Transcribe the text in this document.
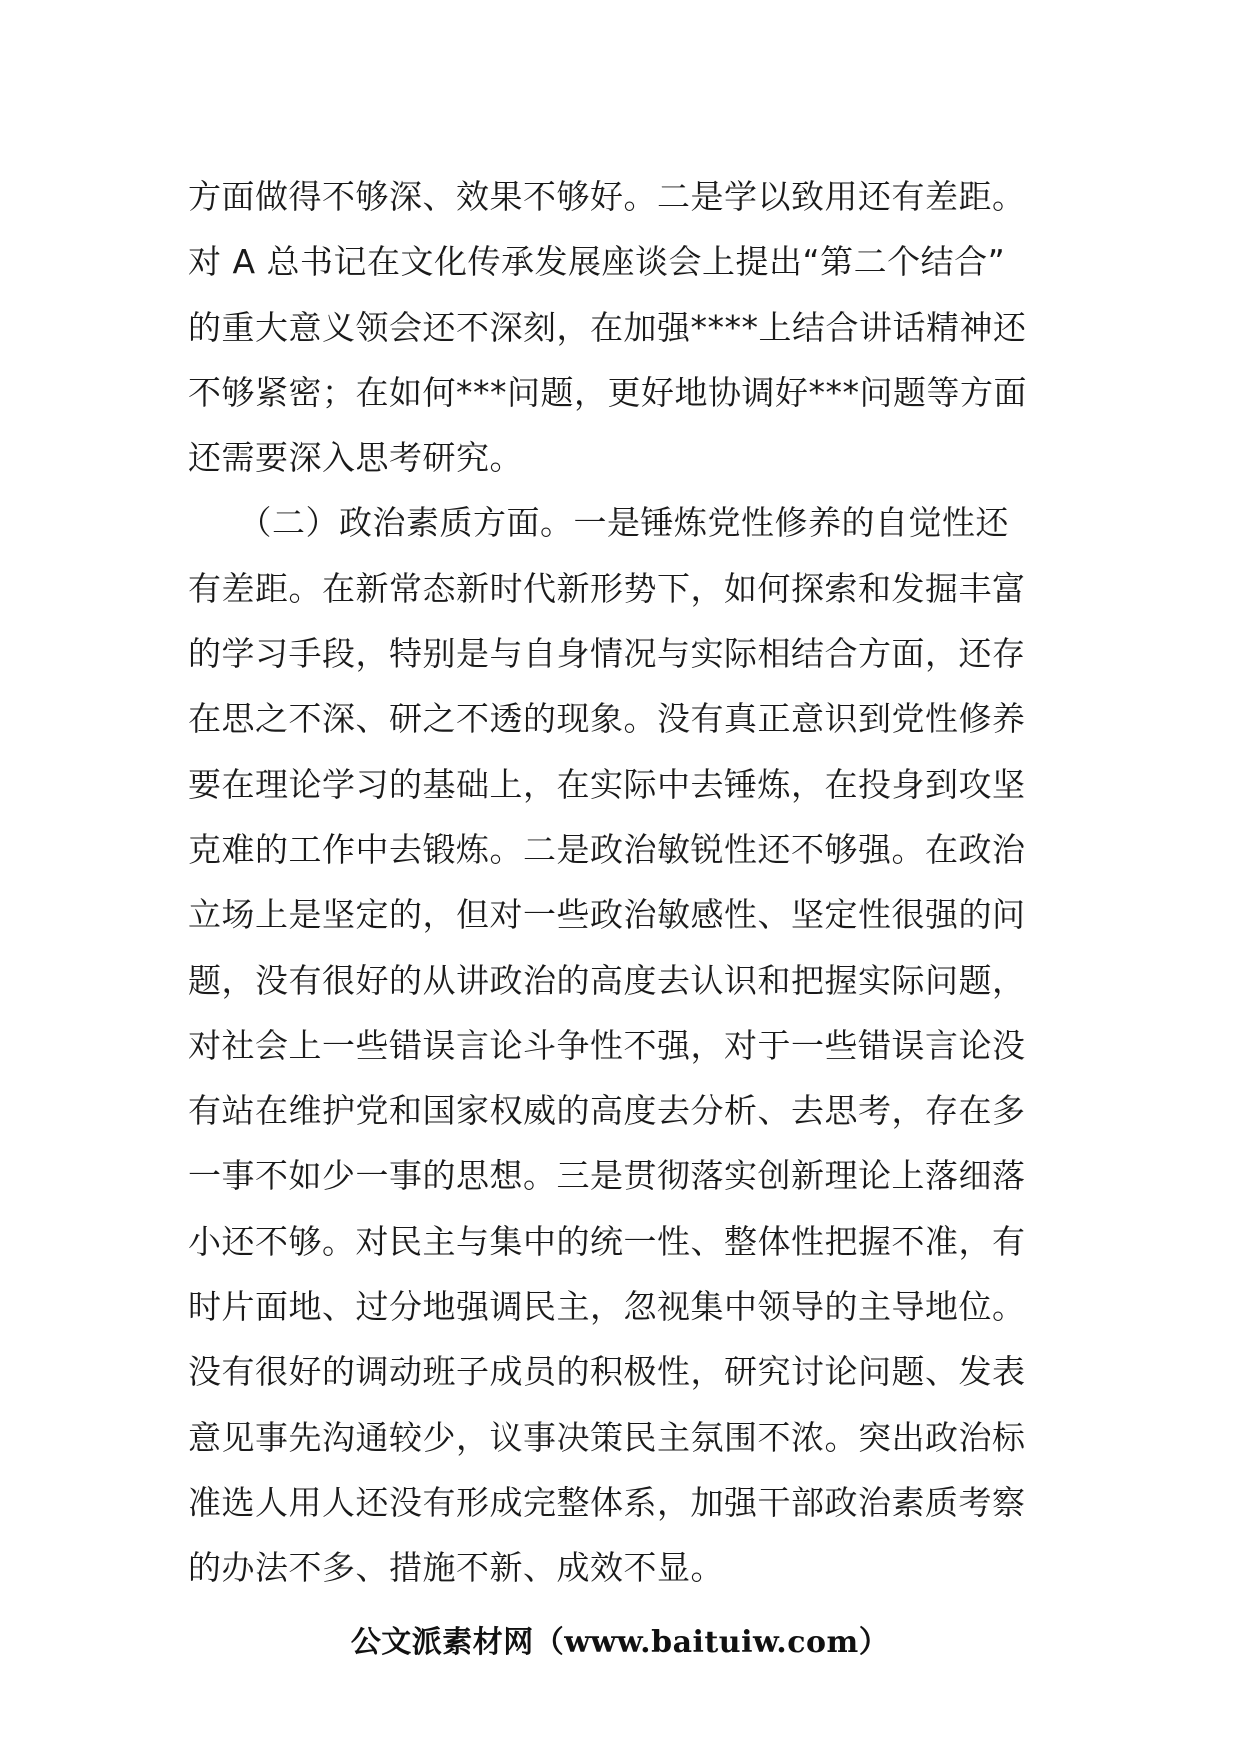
方面做得不够深、效果不够好。二是学以致用还有差距。
对 A 总书记在文化传承发展座谈会上提出“第二个结合”
的重大意义领会还不深刻，在加强****上结合讲话精神还
不够紧密；在如何***问题，更好地协调好***问题等方面
还需要深入思考研究。
　　（二）政治素质方面。一是锤炼党性修养的自觉性还
有差距。在新常态新时代新形势下，如何探索和发掘丰富
的学习手段，特别是与自身情况与实际相结合方面，还存
在思之不深、研之不透的现象。没有真正意识到党性修养
要在理论学习的基础上，在实际中去锤炼，在投身到攻坚
克难的工作中去锻炼。二是政治敏锐性还不够强。在政治
立场上是坚定的，但对一些政治敏感性、坚定性很强的问
题，没有很好的从讲政治的高度去认识和把握实际问题，
对社会上一些错误言论斗争性不强，对于一些错误言论没
有站在维护党和国家权威的高度去分析、去思考，存在多
一事不如少一事的思想。三是贯彻落实创新理论上落细落
小还不够。对民主与集中的统一性、整体性把握不准，有
时片面地、过分地强调民主，忽视集中领导的主导地位。
没有很好的调动班子成员的积极性，研究讨论问题、发表
意见事先沟通较少，议事决策民主氛围不浓。突出政治标
准选人用人还没有形成完整体系，加强干部政治素质考察
的办法不多、措施不新、成效不显。
公文派素材网（www.baituiw.com）
